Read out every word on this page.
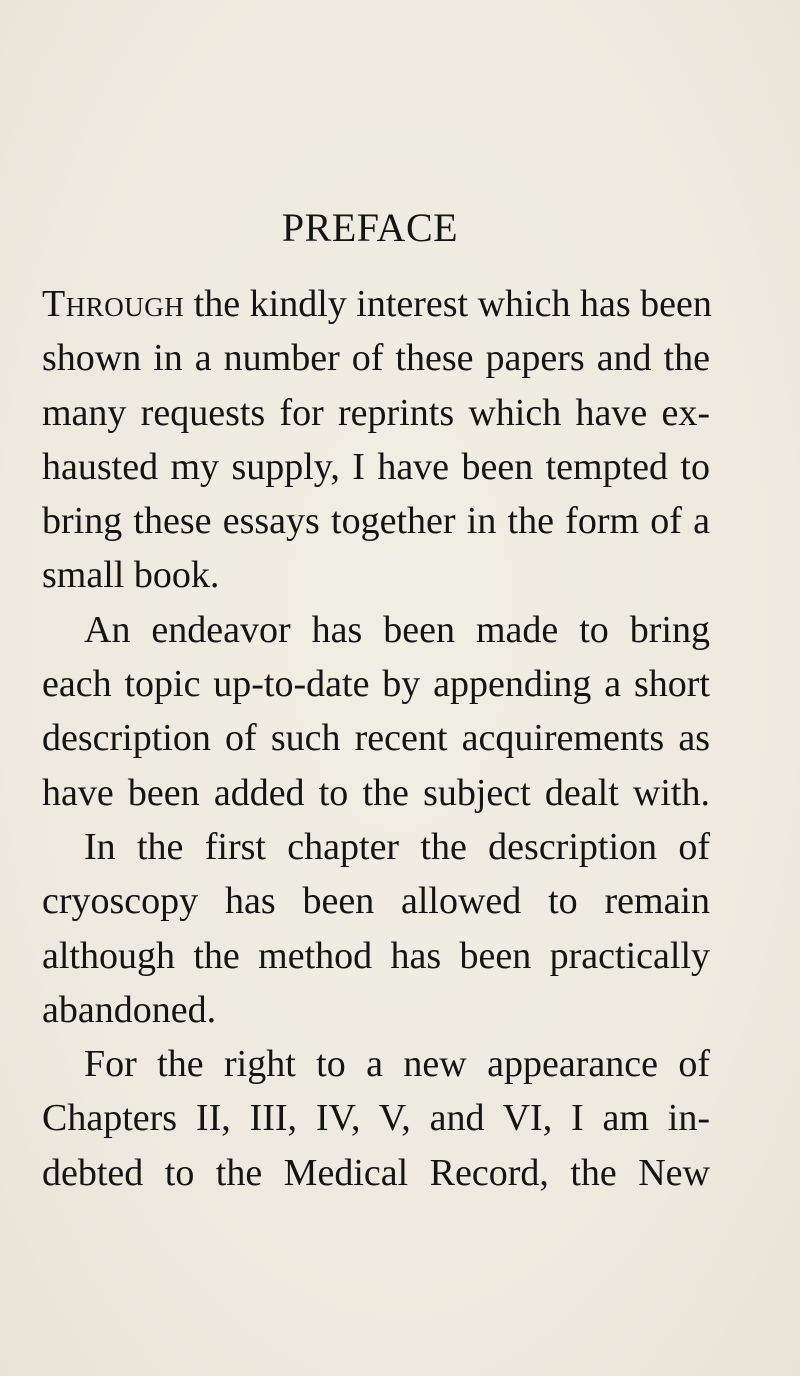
PREFACE
Through the kindly interest which has been
shown in a number of these papers and the
many requests for reprints which have ex-
hausted my supply, I have been tempted to
bring these essays together in the form of a
small book.
An endeavor has been made to bring
each topic up-to-date by appending a short
description of such recent acquirements as
have been added to the subject dealt with.
In the first chapter the description of
cryoscopy has been allowed to remain
although the method has been practically
abandoned.
For the right to a new appearance of
Chapters II, III, IV, V, and VI, I am in-
debted to the Medical Record, the New
